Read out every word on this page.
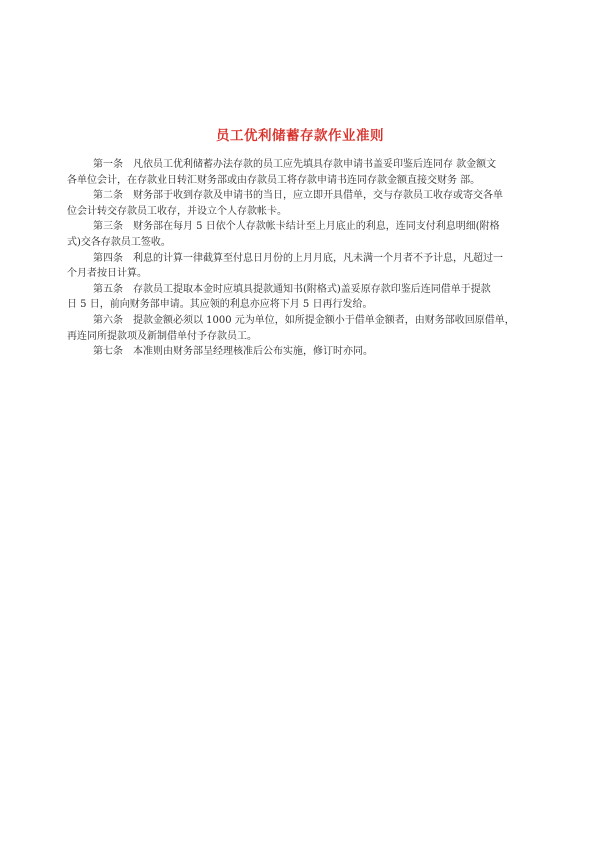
员工优利储蓄存款作业准则

第一条　凡依员工优利储蓄办法存款的员工应先填具存款申请书盖妥印鉴后连同存 款金额文
各单位会计，在存款业日转汇财务部或由存款员工将存款申请书连同存款金额直接交财务 部。

第二条　财务部于收到存款及申请书的当日，应立即开具借单，交与存款员工收存或寄交各单
位会计转交存款员工收存，并设立个人存款帐卡。

第三条　财务部在每月 5 日依个人存款帐卡结计至上月底止的利息，连同支付利息明细(附格
式)交各存款员工签收。

第四条　利息的计算一律截算至付息日月份的上月月底，凡未满一个月者不予计息，凡超过一
个月者按日计算。

第五条　存款员工提取本金时应填具提款通知书(附格式)盖妥原存款印鉴后连同借单于提款
日 5 日，前向财务部申请。其应领的利息亦应将下月 5 日再行发给。

第六条　提款金额必须以 1000 元为单位，如所提金额小于借单金额者，由财务部收回原借单，
再连同所提款项及新制借单付予存款员工。

第七条　本准则由财务部呈经理核准后公布实施，修订时亦同。
